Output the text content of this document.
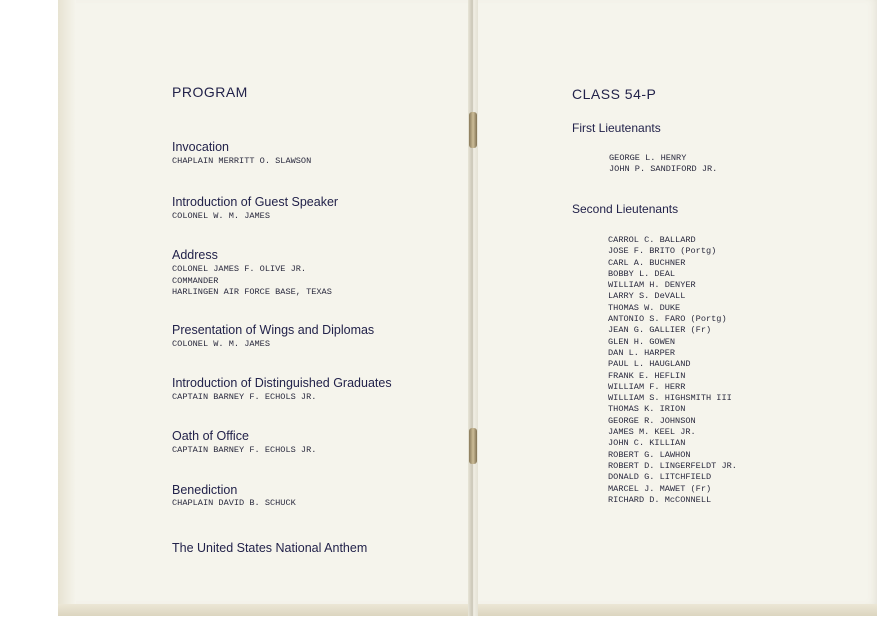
PROGRAM
Invocation
CHAPLAIN MERRITT O. SLAWSON
Introduction of Guest Speaker
COLONEL W. M. JAMES
Address
COLONEL JAMES F. OLIVE JR.
COMMANDER
HARLINGEN AIR FORCE BASE, TEXAS
Presentation of Wings and Diplomas
COLONEL W. M. JAMES
Introduction of Distinguished Graduates
CAPTAIN BARNEY F. ECHOLS JR.
Oath of Office
CAPTAIN BARNEY F. ECHOLS JR.
Benediction
CHAPLAIN DAVID B. SCHUCK
The United States National Anthem
CLASS 54-P
First Lieutenants
GEORGE L. HENRY
JOHN P. SANDIFORD JR.
Second Lieutenants
CARROL C. BALLARD
JOSE F. BRITO (Portg)
CARL A. BUCHNER
BOBBY L. DEAL
WILLIAM H. DENYER
LARRY S. DeVALL
THOMAS W. DUKE
ANTONIO S. FARO (Portg)
JEAN G. GALLIER (Fr)
GLEN H. GOWEN
DAN L. HARPER
PAUL L. HAUGLAND
FRANK E. HEFLIN
WILLIAM F. HERR
WILLIAM S. HIGHSMITH III
THOMAS K. IRION
GEORGE R. JOHNSON
JAMES M. KEEL JR.
JOHN C. KILLIAN
ROBERT G. LAWHON
ROBERT D. LINGERFELDT JR.
DONALD G. LITCHFIELD
MARCEL J. MAWET (Fr)
RICHARD D. McCONNELL
